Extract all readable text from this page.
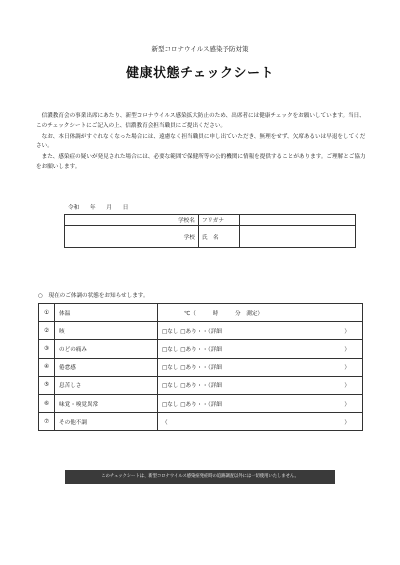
新型コロナウイルス感染予防対策
健康状態チェックシート

信濃教育会の事業出席にあたり、新型コロナウイルス感染拡大防止のため、出席者には健康チェックをお願いしています。当日、このチェックシートにご記入の上、信濃教育会担当職員にご提出ください。

なお、本日体調がすぐれなくなった場合には、遠慮なく担当職員に申し出ていただき、無理をせず、欠席あるいは早退をしてください。

また、感染症の疑いが発見された場合には、必要な範囲で保健所等の公的機関に情報を提供することがあります。ご理解とご協力をお願いします。

令和 年 月 日
学校名	フリガナ	
学校	氏　名	
○　現在のご体調の状態をお知らせします。
①	体温	℃（　　　時　　　分　測定）
②	咳	□なし □あり・・（詳細 ）

③	のどの痛み	□なし □あり・・（詳細 ）

④	倦怠感	□なし □あり・・（詳細 ）

⑤	息苦しさ	□なし □あり・・（詳細 ）

⑥	味覚・嗅覚異常	□なし □あり・・（詳細 ）

⑦	その他不調	（ ）
このチェックシートは、新型コロナウイルス感染症発症時の追跡調査以外には一切使用いたしません。
